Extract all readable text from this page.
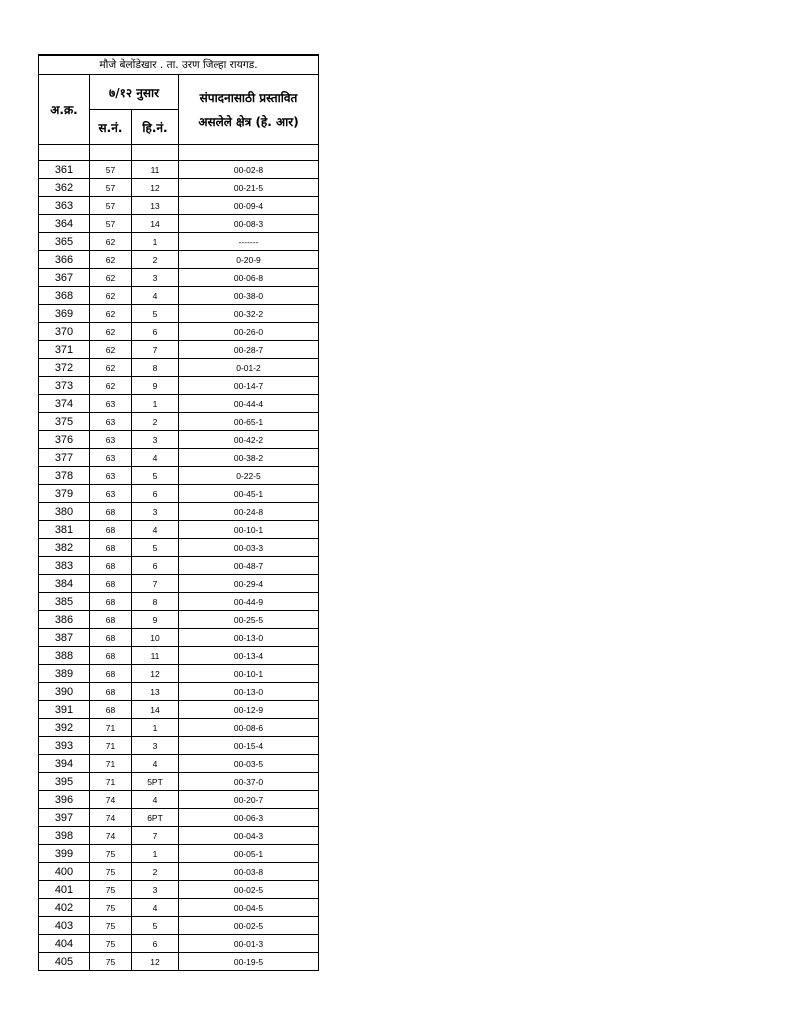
मौजे बेलोंडेखार . ता. उरण जिल्हा रायगड.			
अ.क्र.	७/१२ नुसार		संपादनासाठी प्रस्तावित
असलेले क्षेत्र (हे. आर)

	स.नं.	हि.नं.	

361	57	11	00-02-8
362	57	12	00-21-5
363	57	13	00-09-4
364	57	14	00-08-3
365	62	1	-------
366	62	2	0-20-9
367	62	3	00-06-8
368	62	4	00-38-0
369	62	5	00-32-2
370	62	6	00-26-0
371	62	7	00-28-7
372	62	8	0-01-2
373	62	9	00-14-7
374	63	1	00-44-4
375	63	2	00-65-1
376	63	3	00-42-2
377	63	4	00-38-2
378	63	5	0-22-5
379	63	6	00-45-1
380	68	3	00-24-8
381	68	4	00-10-1
382	68	5	00-03-3
383	68	6	00-48-7
384	68	7	00-29-4
385	68	8	00-44-9
386	68	9	00-25-5
387	68	10	00-13-0
388	68	11	00-13-4
389	68	12	00-10-1
390	68	13	00-13-0
391	68	14	00-12-9
392	71	1	00-08-6
393	71	3	00-15-4
394	71	4	00-03-5
395	71	5PT	00-37-0
396	74	4	00-20-7
397	74	6PT	00-06-3
398	74	7	00-04-3
399	75	1	00-05-1
400	75	2	00-03-8
401	75	3	00-02-5
402	75	4	00-04-5
403	75	5	00-02-5
404	75	6	00-01-3
405	75	12	00-19-5
